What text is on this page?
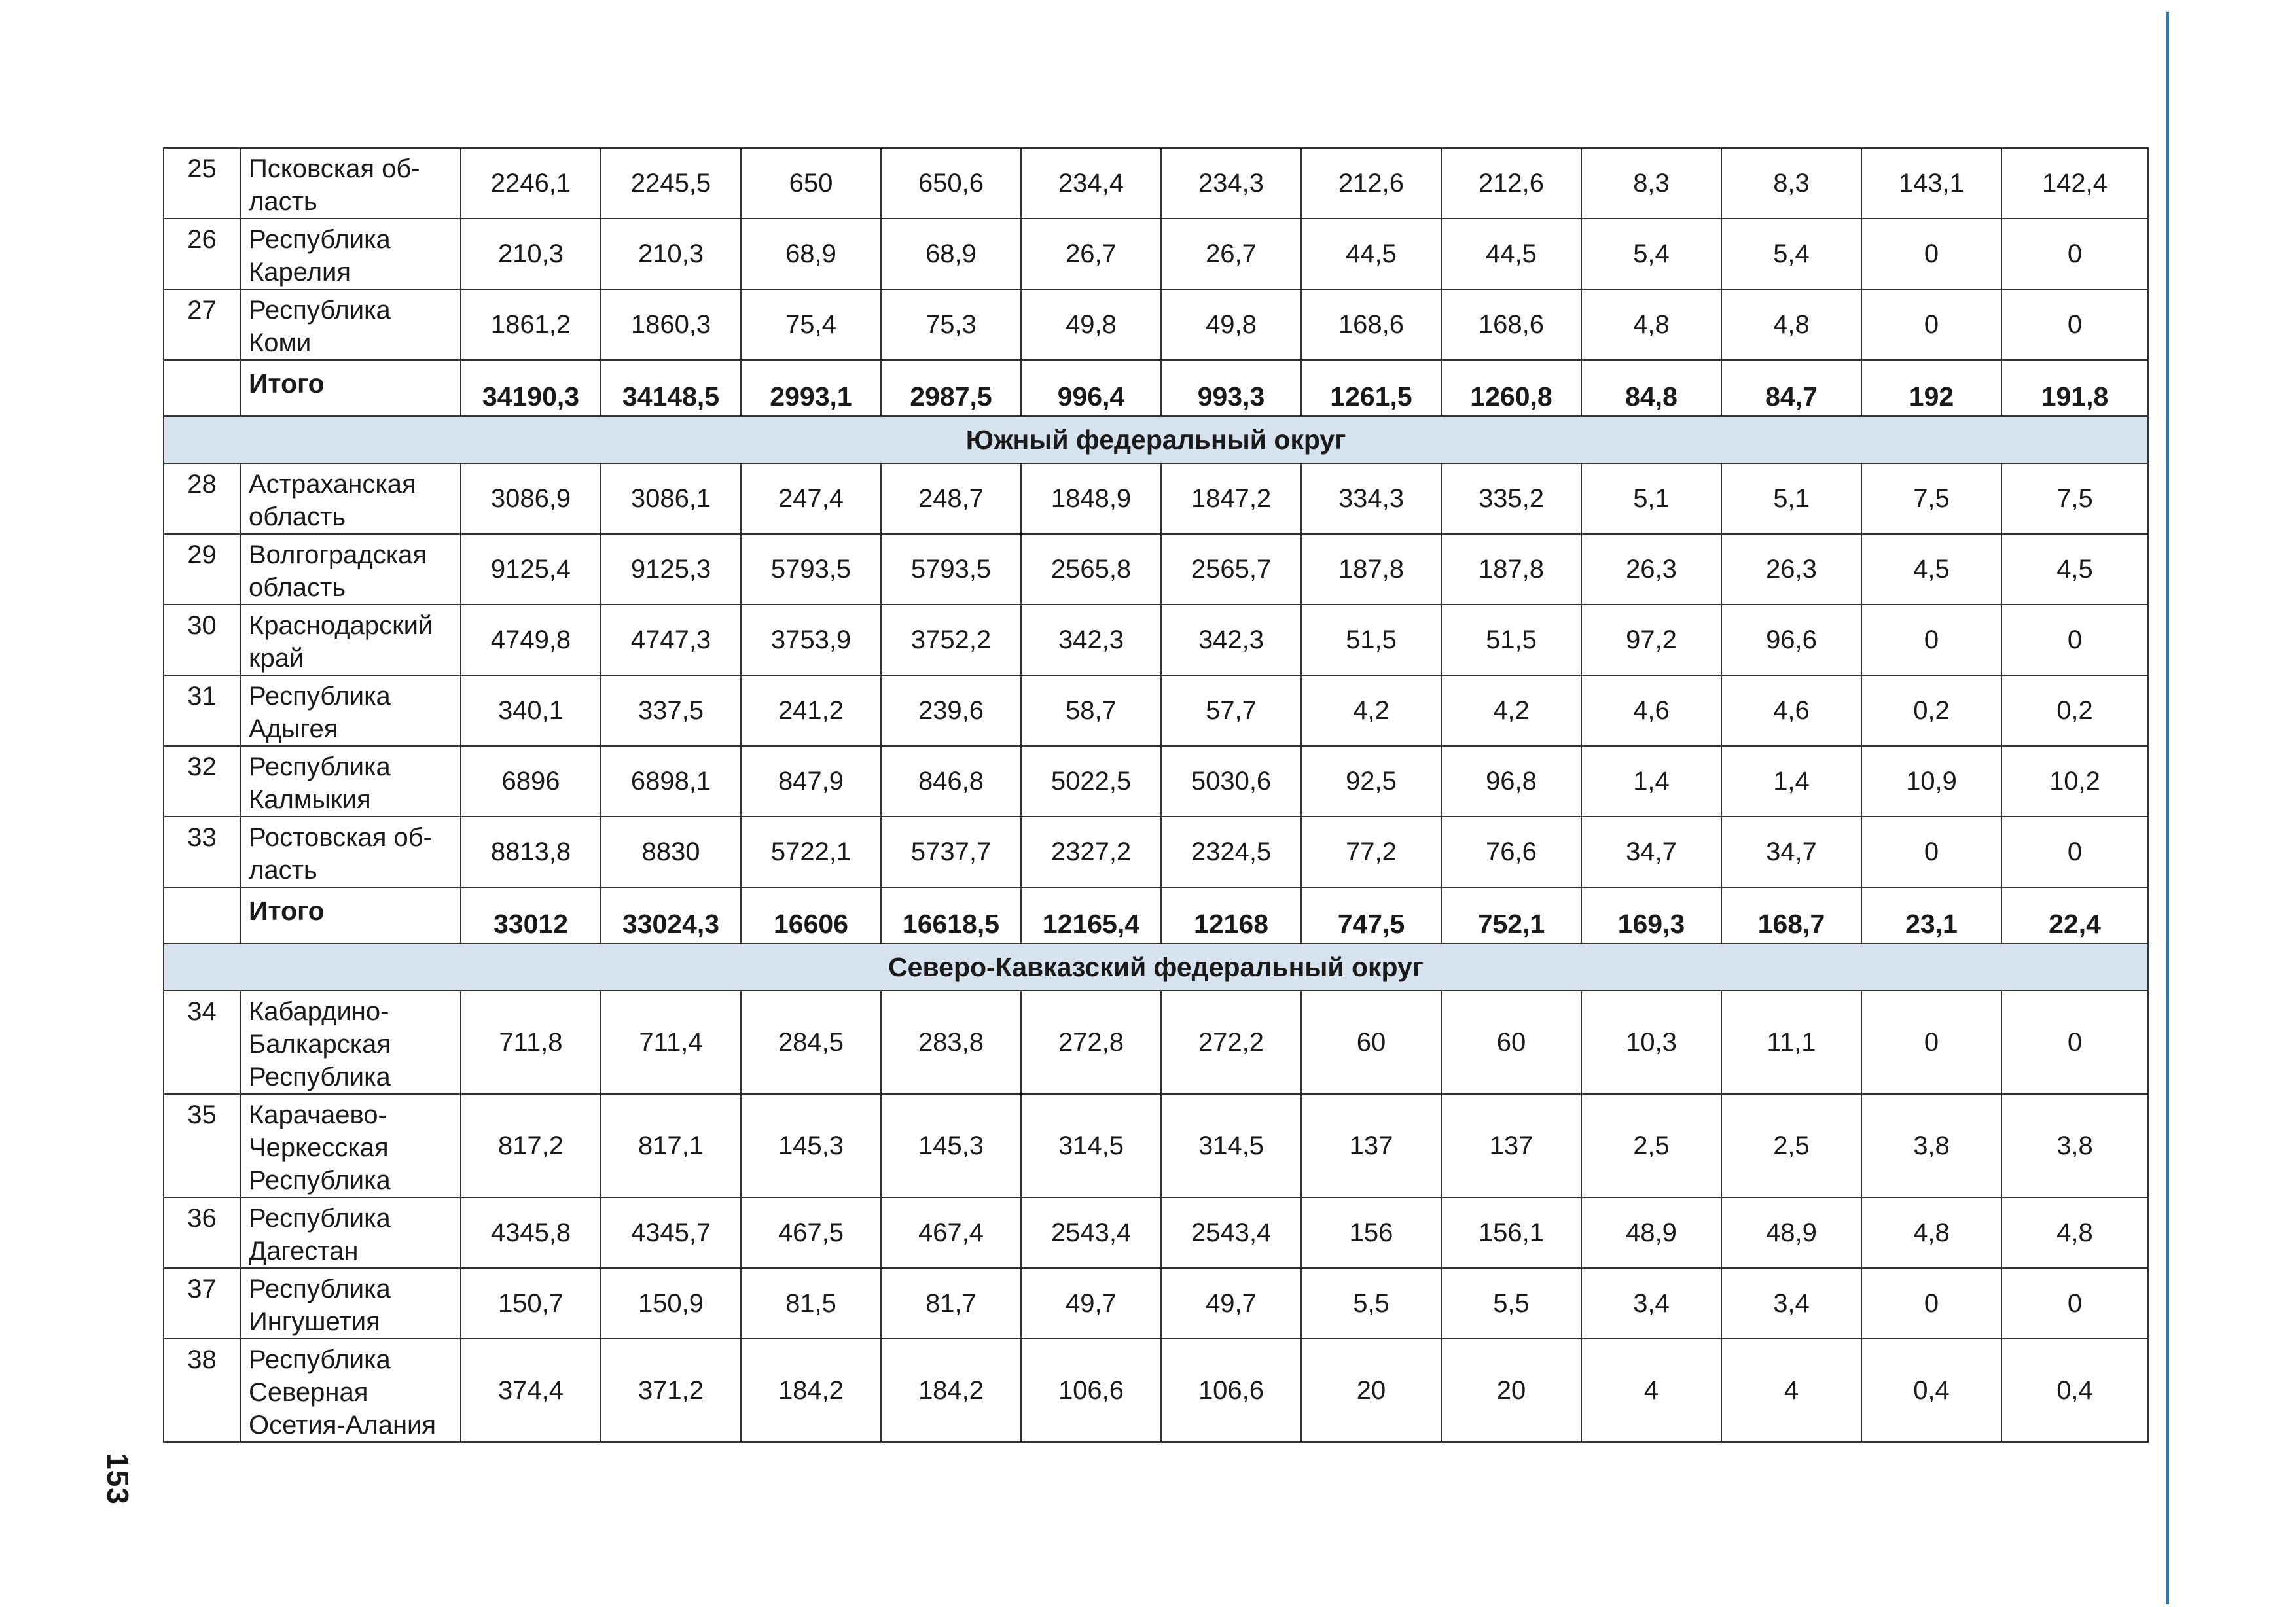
153
25	Псковская об-
ласть	2246,1	2245,5	650	650,6	234,4	234,3	212,6	212,6	8,3	8,3	143,1	142,4
26	Республика
Карелия	210,3	210,3	68,9	68,9	26,7	26,7	44,5	44,5	5,4	5,4	0	0
27	Республика
Коми	1861,2	1860,3	75,4	75,3	49,8	49,8	168,6	168,6	4,8	4,8	0	0
	Итого	34190,3	34148,5	2993,1	2987,5	996,4	993,3	1261,5	1260,8	84,8	84,7	192	191,8
Южный федеральный округ													
28	Астраханская
область	3086,9	3086,1	247,4	248,7	1848,9	1847,2	334,3	335,2	5,1	5,1	7,5	7,5
29	Волгоградская
область	9125,4	9125,3	5793,5	5793,5	2565,8	2565,7	187,8	187,8	26,3	26,3	4,5	4,5
30	Краснодарский
край	4749,8	4747,3	3753,9	3752,2	342,3	342,3	51,5	51,5	97,2	96,6	0	0
31	Республика
Адыгея	340,1	337,5	241,2	239,6	58,7	57,7	4,2	4,2	4,6	4,6	0,2	0,2
32	Республика
Калмыкия	6896	6898,1	847,9	846,8	5022,5	5030,6	92,5	96,8	1,4	1,4	10,9	10,2
33	Ростовская об-
ласть	8813,8	8830	5722,1	5737,7	2327,2	2324,5	77,2	76,6	34,7	34,7	0	0
	Итого	33012	33024,3	16606	16618,5	12165,4	12168	747,5	752,1	169,3	168,7	23,1	22,4
Северо-Кавказский федеральный округ													
34	Кабардино-
Балкарская
Республика	711,8	711,4	284,5	283,8	272,8	272,2	60	60	10,3	11,1	0	0
35	Карачаево-
Черкесская
Республика	817,2	817,1	145,3	145,3	314,5	314,5	137	137	2,5	2,5	3,8	3,8
36	Республика
Дагестан	4345,8	4345,7	467,5	467,4	2543,4	2543,4	156	156,1	48,9	48,9	4,8	4,8
37	Республика
Ингушетия	150,7	150,9	81,5	81,7	49,7	49,7	5,5	5,5	3,4	3,4	0	0
38	Республика
Северная
Осетия-Алания	374,4	371,2	184,2	184,2	106,6	106,6	20	20	4	4	0,4	0,4
